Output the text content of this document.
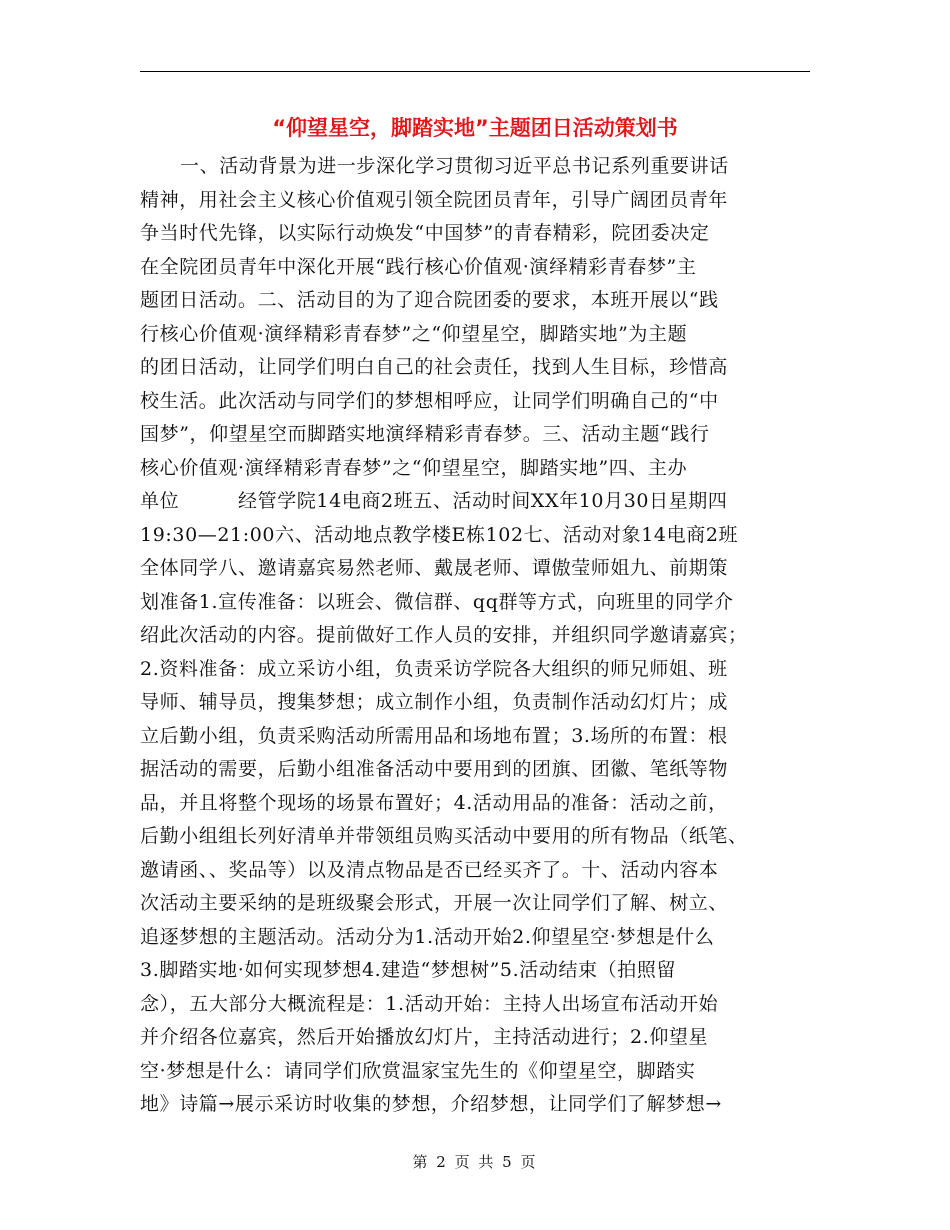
“仰望星空，脚踏实地”主题团日活动策划书
一、活动背景为进一步深化学习贯彻习近平总书记系列重要讲话
精神，用社会主义核心价值观引领全院团员青年，引导广阔团员青年
争当时代先锋，以实际行动焕发“中国梦”的青春精彩，院团委决定
在全院团员青年中深化开展“践行核心价值观·演绎精彩青春梦”主
题团日活动。二、活动目的为了迎合院团委的要求，本班开展以“践
行核心价值观·演绎精彩青春梦”之“仰望星空，脚踏实地”为主题
的团日活动，让同学们明白自己的社会责任，找到人生目标，珍惜高
校生活。此次活动与同学们的梦想相呼应，让同学们明确自己的“中
国梦”，仰望星空而脚踏实地演绎精彩青春梦。三、活动主题“践行
核心价值观·演绎精彩青春梦”之“仰望星空，脚踏实地”四、主办
单位　　　经管学院14电商2班五、活动时间XX年10月30日星期四
19:30—21:00六、活动地点教学楼E栋102七、活动对象14电商2班
全体同学八、邀请嘉宾易然老师、戴晟老师、谭傲莹师姐九、前期策
划准备1.宣传准备：以班会、微信群、qq群等方式，向班里的同学介
绍此次活动的内容。提前做好工作人员的安排，并组织同学邀请嘉宾；
2.资料准备：成立采访小组，负责采访学院各大组织的师兄师姐、班
导师、辅导员，搜集梦想；成立制作小组，负责制作活动幻灯片；成
立后勤小组，负责采购活动所需用品和场地布置；3.场所的布置：根
据活动的需要，后勤小组准备活动中要用到的团旗、团徽、笔纸等物
品，并且将整个现场的场景布置好；4.活动用品的准备：活动之前，
后勤小组组长列好清单并带领组员购买活动中要用的所有物品（纸笔、
邀请函、、奖品等）以及清点物品是否已经买齐了。十、活动内容本
次活动主要采纳的是班级聚会形式，开展一次让同学们了解、树立、
追逐梦想的主题活动。活动分为1.活动开始2.仰望星空·梦想是什么
3.脚踏实地·如何实现梦想4.建造“梦想树”5.活动结束（拍照留
念），五大部分大概流程是：1.活动开始：主持人出场宣布活动开始
并介绍各位嘉宾，然后开始播放幻灯片，主持活动进行；2.仰望星
空·梦想是什么：请同学们欣赏温家宝先生的《仰望星空，脚踏实
地》诗篇→展示采访时收集的梦想，介绍梦想，让同学们了解梦想→
第 2 页 共 5 页
